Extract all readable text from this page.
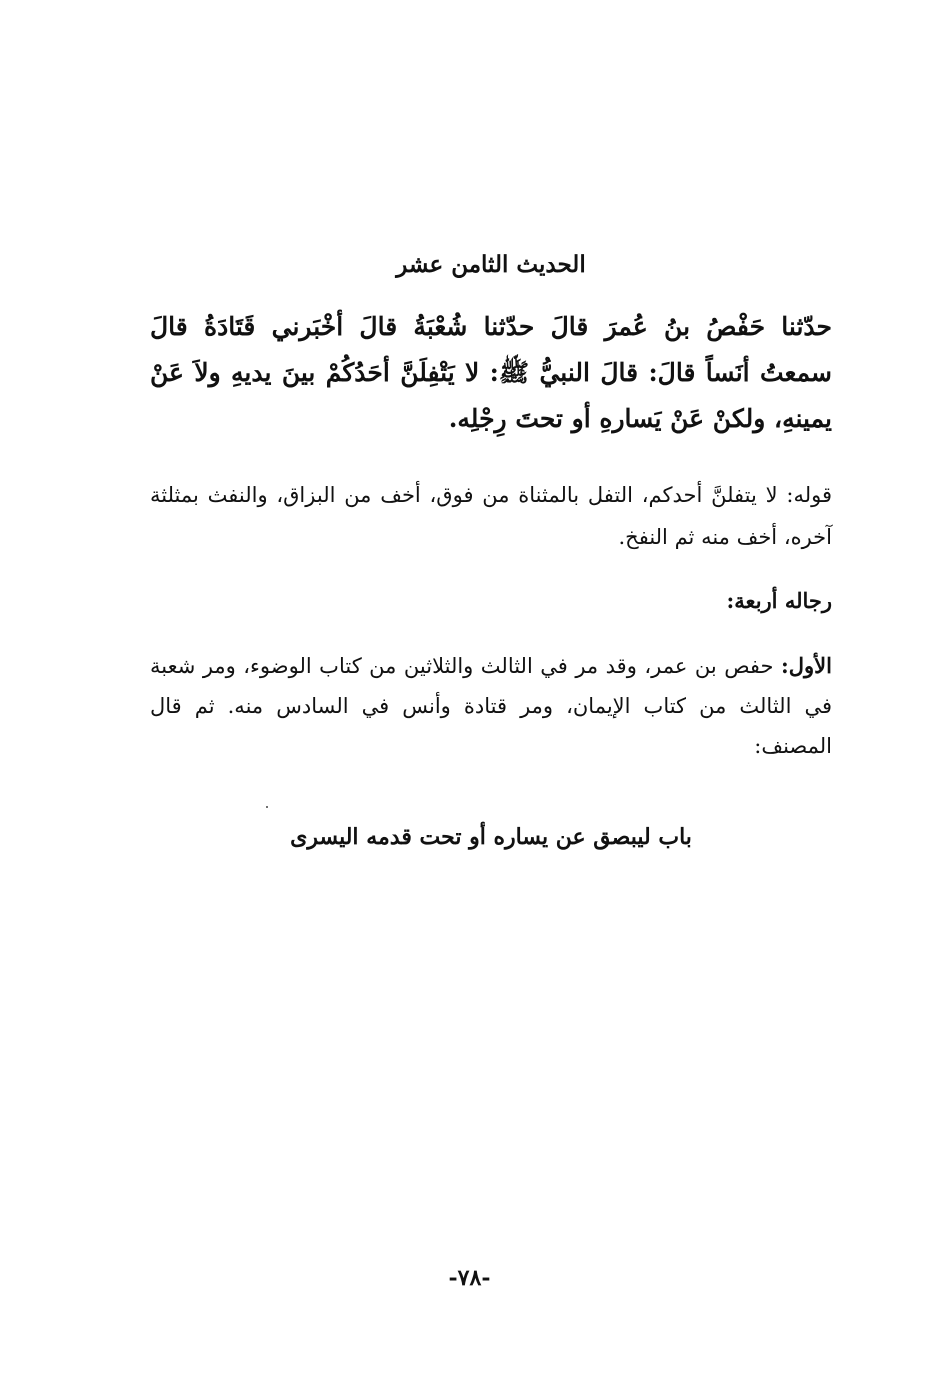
الحديث الثامن عشر

حدّثنا حَفْصُ بنُ عُمرَ قالَ حدّثنا شُعْبَةُ قالَ أخْبَرني قَتَادَةُ قالَ سمعتُ أنَساً قالَ: قالَ النبيُّ ﷺ: لا يَتْفِلَنَّ أحَدُكُمْ بينَ يديهِ ولاَ عَنْ يمينهِ، ولكنْ عَنْ يَسارهِ أو تحتَ رِجْلِه.

قوله: لا يتفلنَّ أحدكم، التفل بالمثناة من فوق، أخف من البزاق، والنفث بمثلثة آخره، أخف منه ثم النفخ.

رجاله أربعة:

الأول: حفص بن عمر، وقد مر في الثالث والثلاثين من كتاب الوضوء، ومر شعبة في الثالث من كتاب الإيمان، ومر قتادة وأنس في السادس منه. ثم قال المصنف:

باب ليبصق عن يساره أو تحت قدمه اليسرى
-٧٨-
